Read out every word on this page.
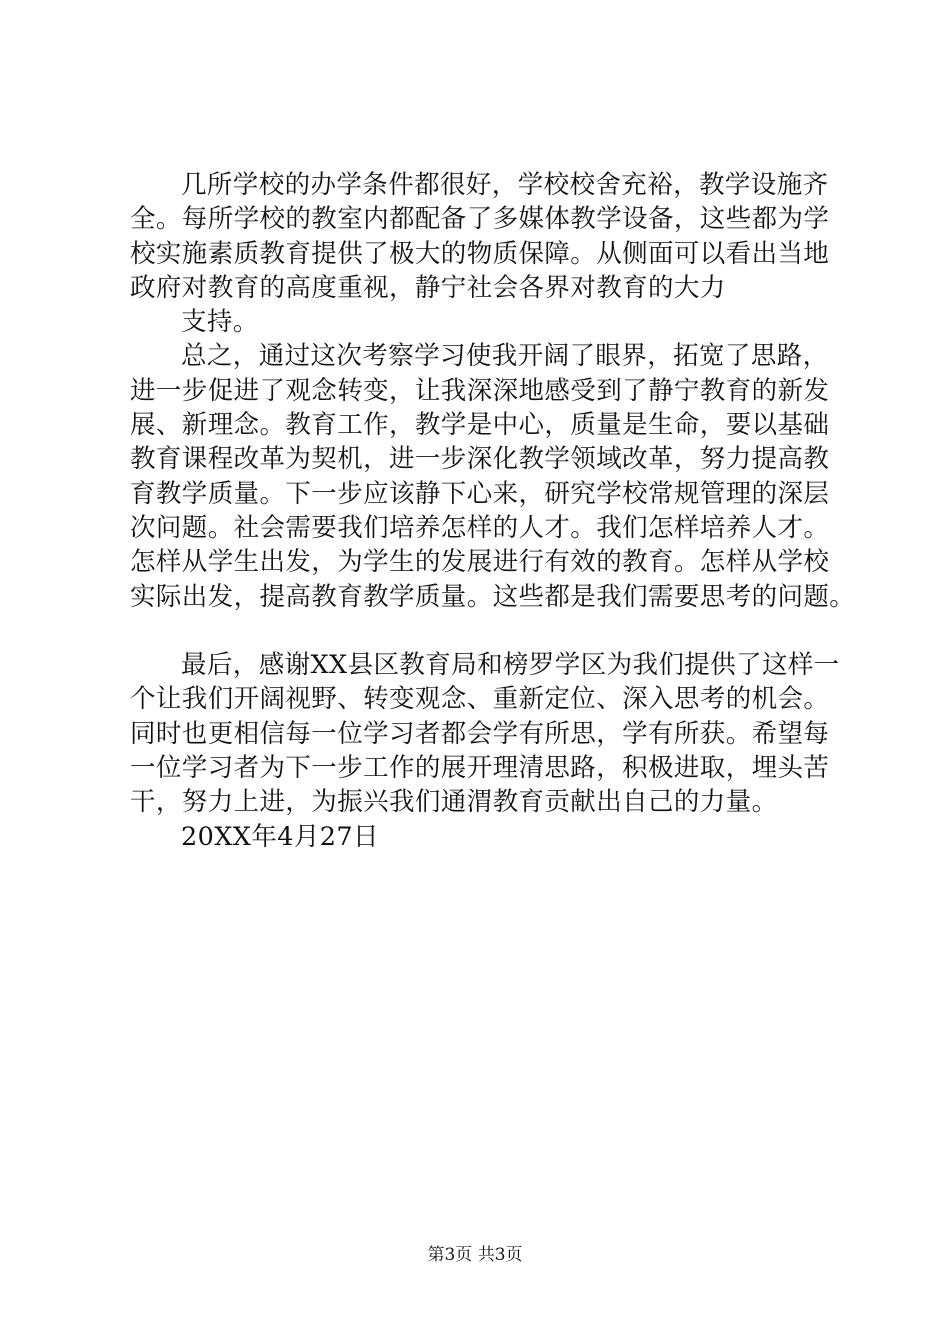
几所学校的办学条件都很好，学校校舍充裕，教学设施齐
全。每所学校的教室内都配备了多媒体教学设备，这些都为学
校实施素质教育提供了极大的物质保障。从侧面可以看出当地
政府对教育的高度重视，静宁社会各界对教育的大力
支持。
总之，通过这次考察学习使我开阔了眼界，拓宽了思路，
进一步促进了观念转变，让我深深地感受到了静宁教育的新发
展、新理念。教育工作，教学是中心，质量是生命，要以基础
教育课程改革为契机，进一步深化教学领域改革，努力提高教
育教学质量。下一步应该静下心来，研究学校常规管理的深层
次问题。社会需要我们培养怎样的人才。我们怎样培养人才。
怎样从学生出发，为学生的发展进行有效的教育。怎样从学校
实际出发，提高教育教学质量。这些都是我们需要思考的问题。
最后，感谢XX县区教育局和榜罗学区为我们提供了这样一
个让我们开阔视野、转变观念、重新定位、深入思考的机会。
同时也更相信每一位学习者都会学有所思，学有所获。希望每
一位学习者为下一步工作的展开理清思路，积极进取，埋头苦
干，努力上进，为振兴我们通渭教育贡献出自己的力量。
20XX年4月27日
第3页 共3页
